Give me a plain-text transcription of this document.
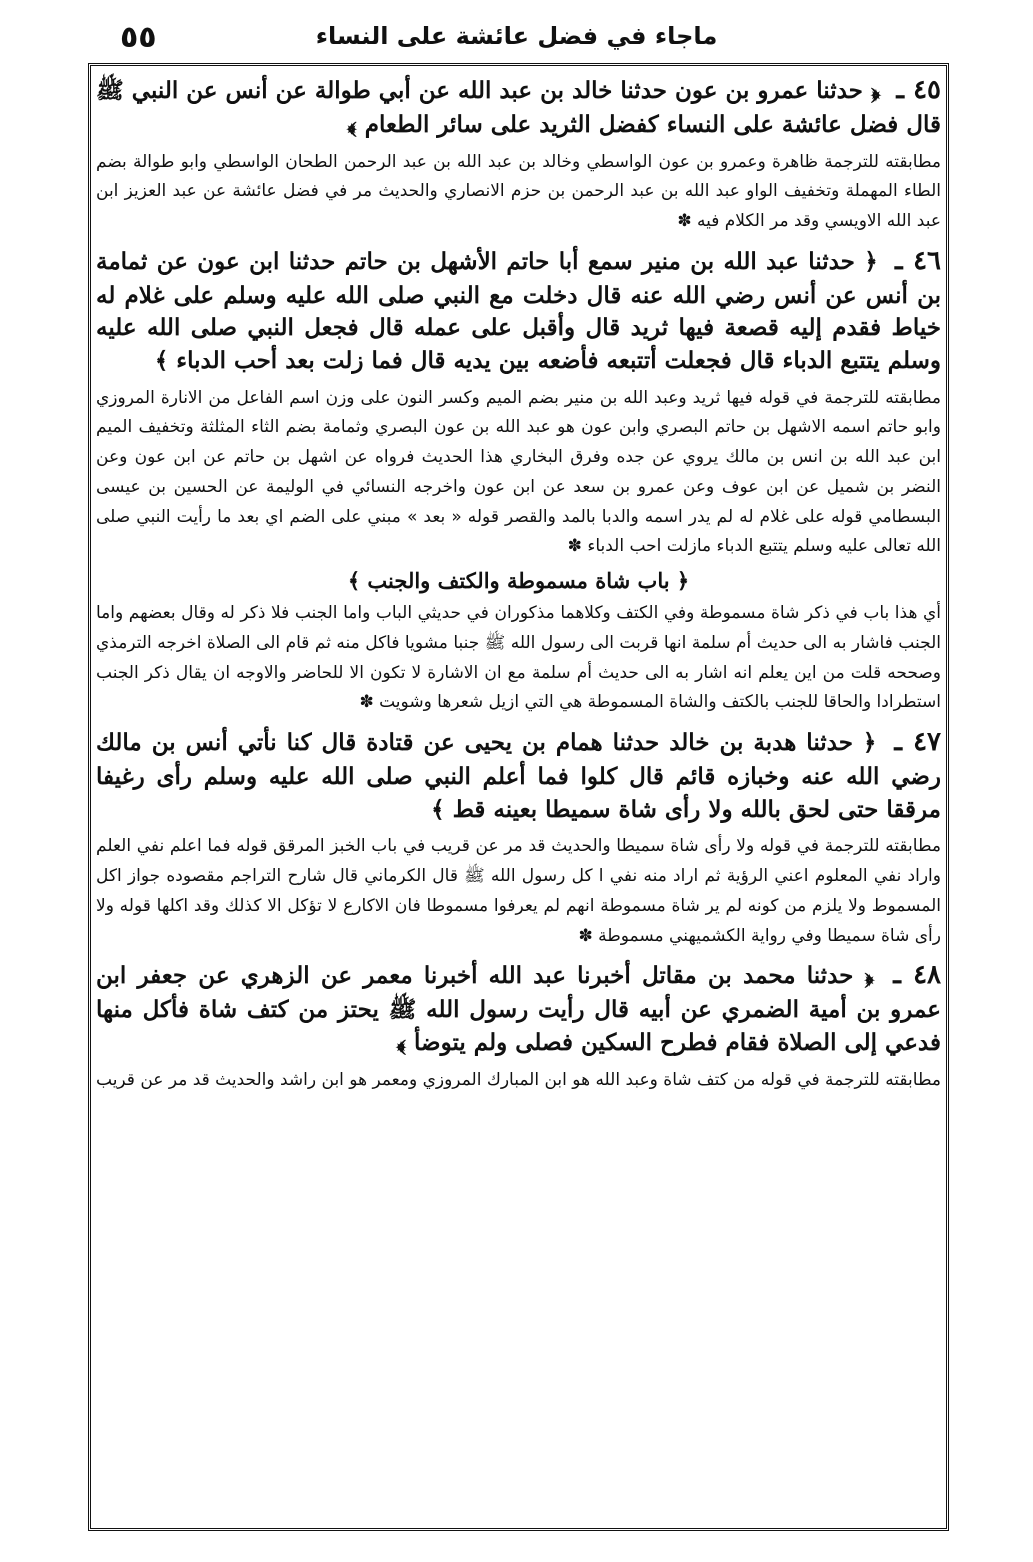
٥٥	ماجاء في فضل عائشة على النساء

٤٥ ـ ﴿ حدثنا عمرو بن عون حدثنا خالد بن عبد الله عن أبي طوالة عن أنس عن النبي ﷺ قال فضل عائشة على النساء كفضل الثريد على سائر الطعام ﴾

مطابقته للترجمة ظاهرة وعمرو بن عون الواسطي وخالد بن عبد الله بن عبد الرحمن الطحان الواسطي وابو طوالة بضم الطاء المهملة وتخفيف الواو عبد الله بن عبد الرحمن بن حزم الانصاري والحديث مر في فضل عائشة عن عبد العزيز ابن عبد الله الاويسي وقد مر الكلام فيه ✽

٤٦ ـ ﴿ حدثنا عبد الله بن منير سمع أبا حاتم الأشهل بن حاتم حدثنا ابن عون عن ثمامة بن أنس عن أنس رضي الله عنه قال دخلت مع النبي صلى الله عليه وسلم على غلام له خياط فقدم إليه قصعة فيها ثريد قال وأقبل على عمله قال فجعل النبي صلى الله عليه وسلم يتتبع الدباء قال فجعلت أتتبعه فأضعه بين يديه قال فما زلت بعد أحب الدباء ﴾

مطابقته للترجمة في قوله فيها ثريد وعبد الله بن منير بضم الميم وكسر النون على وزن اسم الفاعل من الانارة المروزي وابو حاتم اسمه الاشهل بن حاتم البصري وابن عون هو عبد الله بن عون البصري وثمامة بضم الثاء المثلثة وتخفيف الميم ابن عبد الله بن انس بن مالك يروي عن جده وفرق البخاري هذا الحديث فرواه عن اشهل بن حاتم عن ابن عون وعن النضر بن شميل عن ابن عوف وعن عمرو بن سعد عن ابن عون واخرجه النسائي في الوليمة عن الحسين بن عيسى البسطامي قوله على غلام له لم يدر اسمه والدبا بالمد والقصر قوله « بعد » مبني على الضم اي بعد ما رأيت النبي صلى الله تعالى عليه وسلم يتتبع الدباء مازلت احب الدباء ✽

﴿ باب شاة مسموطة والكتف والجنب ﴾

أي هذا باب في ذكر شاة مسموطة وفي الكتف وكلاهما مذكوران في حديثي الباب واما الجنب فلا ذكر له وقال بعضهم واما الجنب فاشار به الى حديث أم سلمة انها قربت الى رسول الله ﷺ جنبا مشويا فاكل منه ثم قام الى الصلاة اخرجه الترمذي وصححه قلت من اين يعلم انه اشار به الى حديث أم سلمة مع ان الاشارة لا تكون الا للحاضر والاوجه ان يقال ذكر الجنب استطرادا والحاقا للجنب بالكتف والشاة المسموطة هي التي ازيل شعرها وشويت ✽

٤٧ ـ ﴿ حدثنا هدبة بن خالد حدثنا همام بن يحيى عن قتادة قال كنا نأتي أنس بن مالك رضي الله عنه وخبازه قائم قال كلوا فما أعلم النبي صلى الله عليه وسلم رأى رغيفا مرققا حتى لحق بالله ولا رأى شاة سميطا بعينه قط ﴾

مطابقته للترجمة في قوله ولا رأى شاة سميطا والحديث قد مر عن قريب في باب الخبز المرقق قوله فما اعلم نفي العلم واراد نفي المعلوم اعني الرؤية ثم اراد منه نفي ا كل رسول الله ﷺ قال الكرماني قال شارح التراجم مقصوده جواز اكل المسموط ولا يلزم من كونه لم ير شاة مسموطة انهم لم يعرفوا مسموطا فان الاكارع لا تؤكل الا كذلك وقد اكلها قوله ولا رأى شاة سميطا وفي رواية الكشميهني مسموطة ✽

٤٨ ـ ﴿ حدثنا محمد بن مقاتل أخبرنا عبد الله أخبرنا معمر عن الزهري عن جعفر ابن عمرو بن أمية الضمري عن أبيه قال رأيت رسول الله ﷺ يحتز من كتف شاة فأكل منها فدعي إلى الصلاة فقام فطرح السكين فصلى ولم يتوضأ ﴾

مطابقته للترجمة في قوله من كتف شاة وعبد الله هو ابن المبارك المروزي ومعمر هو ابن راشد والحديث قد مر عن قريب
